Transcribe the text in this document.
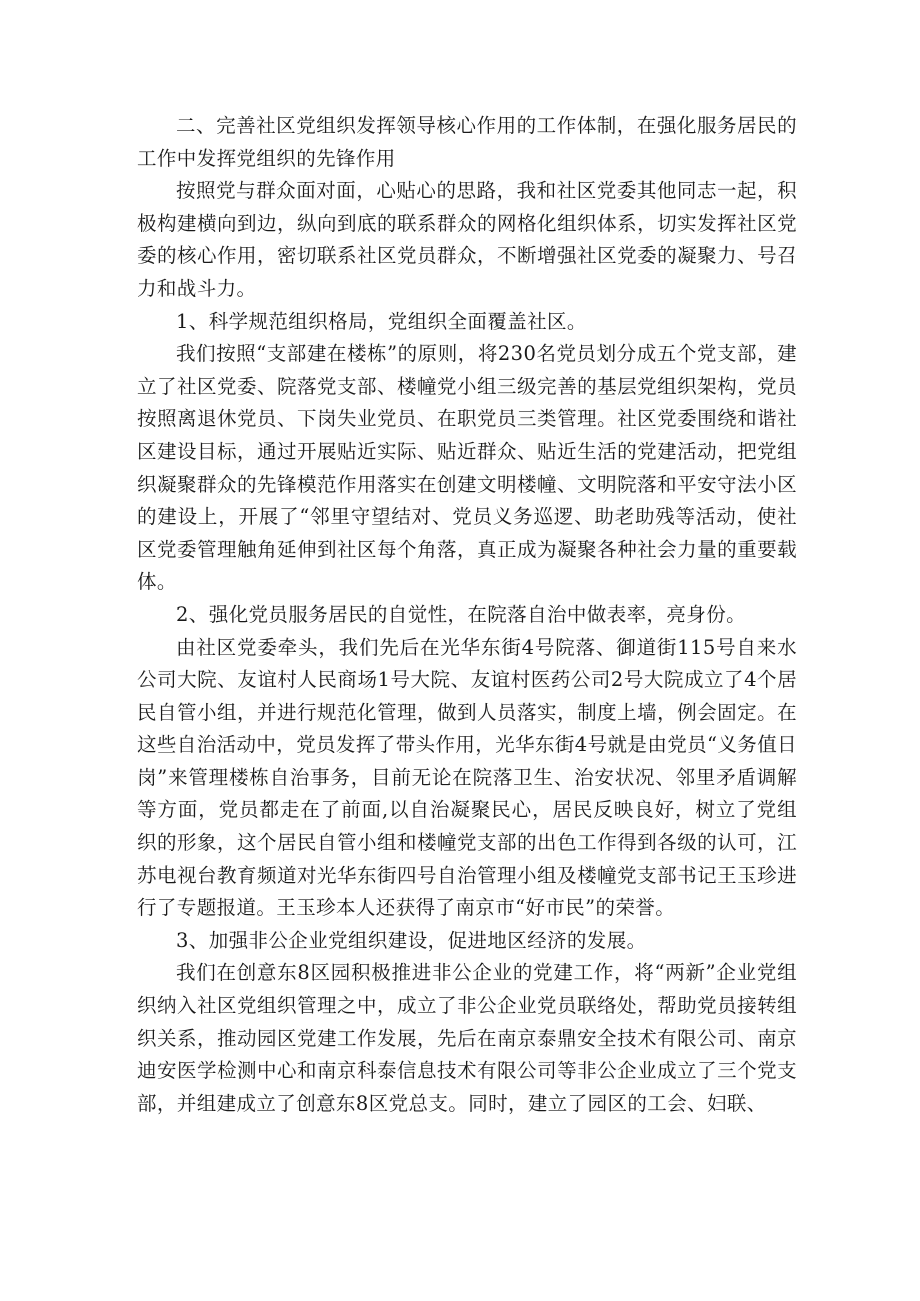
二、完善社区党组织发挥领导核心作用的工作体制，在强化服务居民的工作中发挥党组织的先锋作用

按照党与群众面对面，心贴心的思路，我和社区党委其他同志一起，积极构建横向到边，纵向到底的联系群众的网格化组织体系，切实发挥社区党委的核心作用，密切联系社区党员群众，不断增强社区党委的凝聚力、号召力和战斗力。

1、科学规范组织格局，党组织全面覆盖社区。

我们按照“支部建在楼栋”的原则，将230名党员划分成五个党支部，建立了社区党委、院落党支部、楼幢党小组三级完善的基层党组织架构，党员按照离退休党员、下岗失业党员、在职党员三类管理。社区党委围绕和谐社区建设目标，通过开展贴近实际、贴近群众、贴近生活的党建活动，把党组织凝聚群众的先锋模范作用落实在创建文明楼幢、文明院落和平安守法小区的建设上，开展了“邻里守望结对、党员义务巡逻、助老助残等活动，使社区党委管理触角延伸到社区每个角落，真正成为凝聚各种社会力量的重要载体。

2、强化党员服务居民的自觉性，在院落自治中做表率，亮身份。

由社区党委牵头，我们先后在光华东街4号院落、御道街115号自来水公司大院、友谊村人民商场1号大院、友谊村医药公司2号大院成立了4个居民自管小组，并进行规范化管理，做到人员落实，制度上墙，例会固定。在这些自治活动中，党员发挥了带头作用，光华东街4号就是由党员“义务值日岗”来管理楼栋自治事务，目前无论在院落卫生、治安状况、邻里矛盾调解等方面，党员都走在了前面,以自治凝聚民心，居民反映良好，树立了党组织的形象，这个居民自管小组和楼幢党支部的出色工作得到各级的认可，江苏电视台教育频道对光华东街四号自治管理小组及楼幢党支部书记王玉珍进行了专题报道。王玉珍本人还获得了南京市“好市民”的荣誉。

3、加强非公企业党组织建设，促进地区经济的发展。

我们在创意东8区园积极推进非公企业的党建工作，将“两新”企业党组织纳入社区党组织管理之中，成立了非公企业党员联络处，帮助党员接转组织关系，推动园区党建工作发展，先后在南京泰鼎安全技术有限公司、南京迪安医学检测中心和南京科泰信息技术有限公司等非公企业成立了三个党支部，并组建成立了创意东8区党总支。同时，建立了园区的工会、妇联、
